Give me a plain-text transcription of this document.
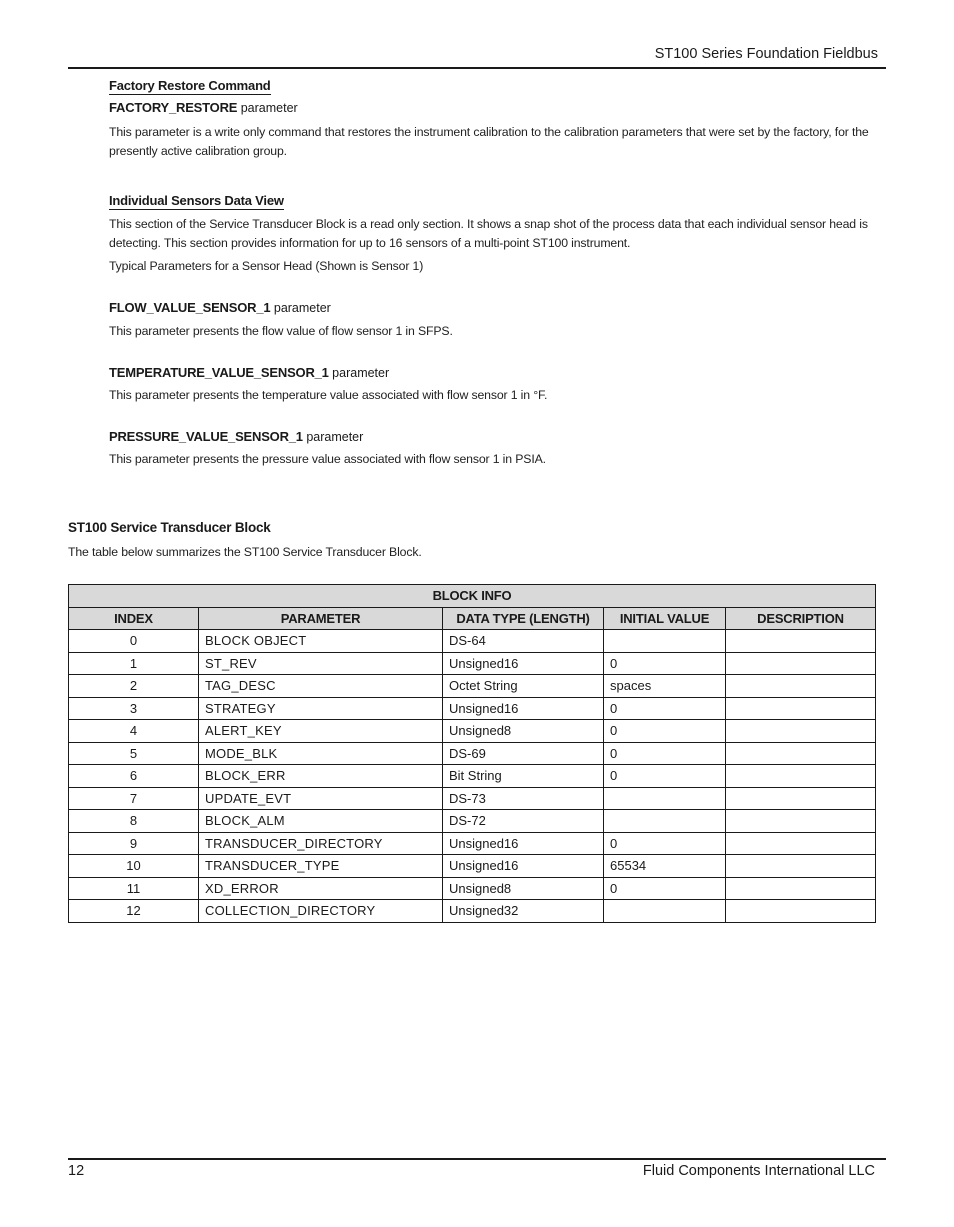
ST100 Series Foundation Fieldbus
Factory Restore Command

FACTORY_RESTORE parameter

This parameter is a write only command that restores the instrument calibration to the calibration parameters that were set by the factory, for the presently active calibration group.

Individual Sensors Data View

This section of the Service Transducer Block is a read only section. It shows a snap shot of the process data that each individual sensor head is detecting. This section provides information for up to 16 sensors of a multi-point ST100 instrument.

Typical Parameters for a Sensor Head (Shown is Sensor 1)

FLOW_VALUE_SENSOR_1 parameter

This parameter presents the flow value of flow sensor 1 in SFPS.

TEMPERATURE_VALUE_SENSOR_1 parameter

This parameter presents the temperature value associated with flow sensor 1 in °F.

PRESSURE_VALUE_SENSOR_1 parameter

This parameter presents the pressure value associated with flow sensor 1 in PSIA.

ST100 Service Transducer Block
The table below summarizes the ST100 Service Transducer Block.
BLOCK INFO				
INDEX	PARAMETER	DATA TYPE (LENGTH)	INITIAL VALUE	DESCRIPTION
0	BLOCK OBJECT	DS-64		
1	ST_REV	Unsigned16	0	
2	TAG_DESC	Octet String	spaces	
3	STRATEGY	Unsigned16	0	
4	ALERT_KEY	Unsigned8	0	
5	MODE_BLK	DS-69	0	
6	BLOCK_ERR	Bit String	0	
7	UPDATE_EVT	DS-73		
8	BLOCK_ALM	DS-72		
9	TRANSDUCER_DIRECTORY	Unsigned16	0	
10	TRANSDUCER_TYPE	Unsigned16	65534	
11	XD_ERROR	Unsigned8	0	
12	COLLECTION_DIRECTORY	Unsigned32		
12	Fluid Components International LLC
